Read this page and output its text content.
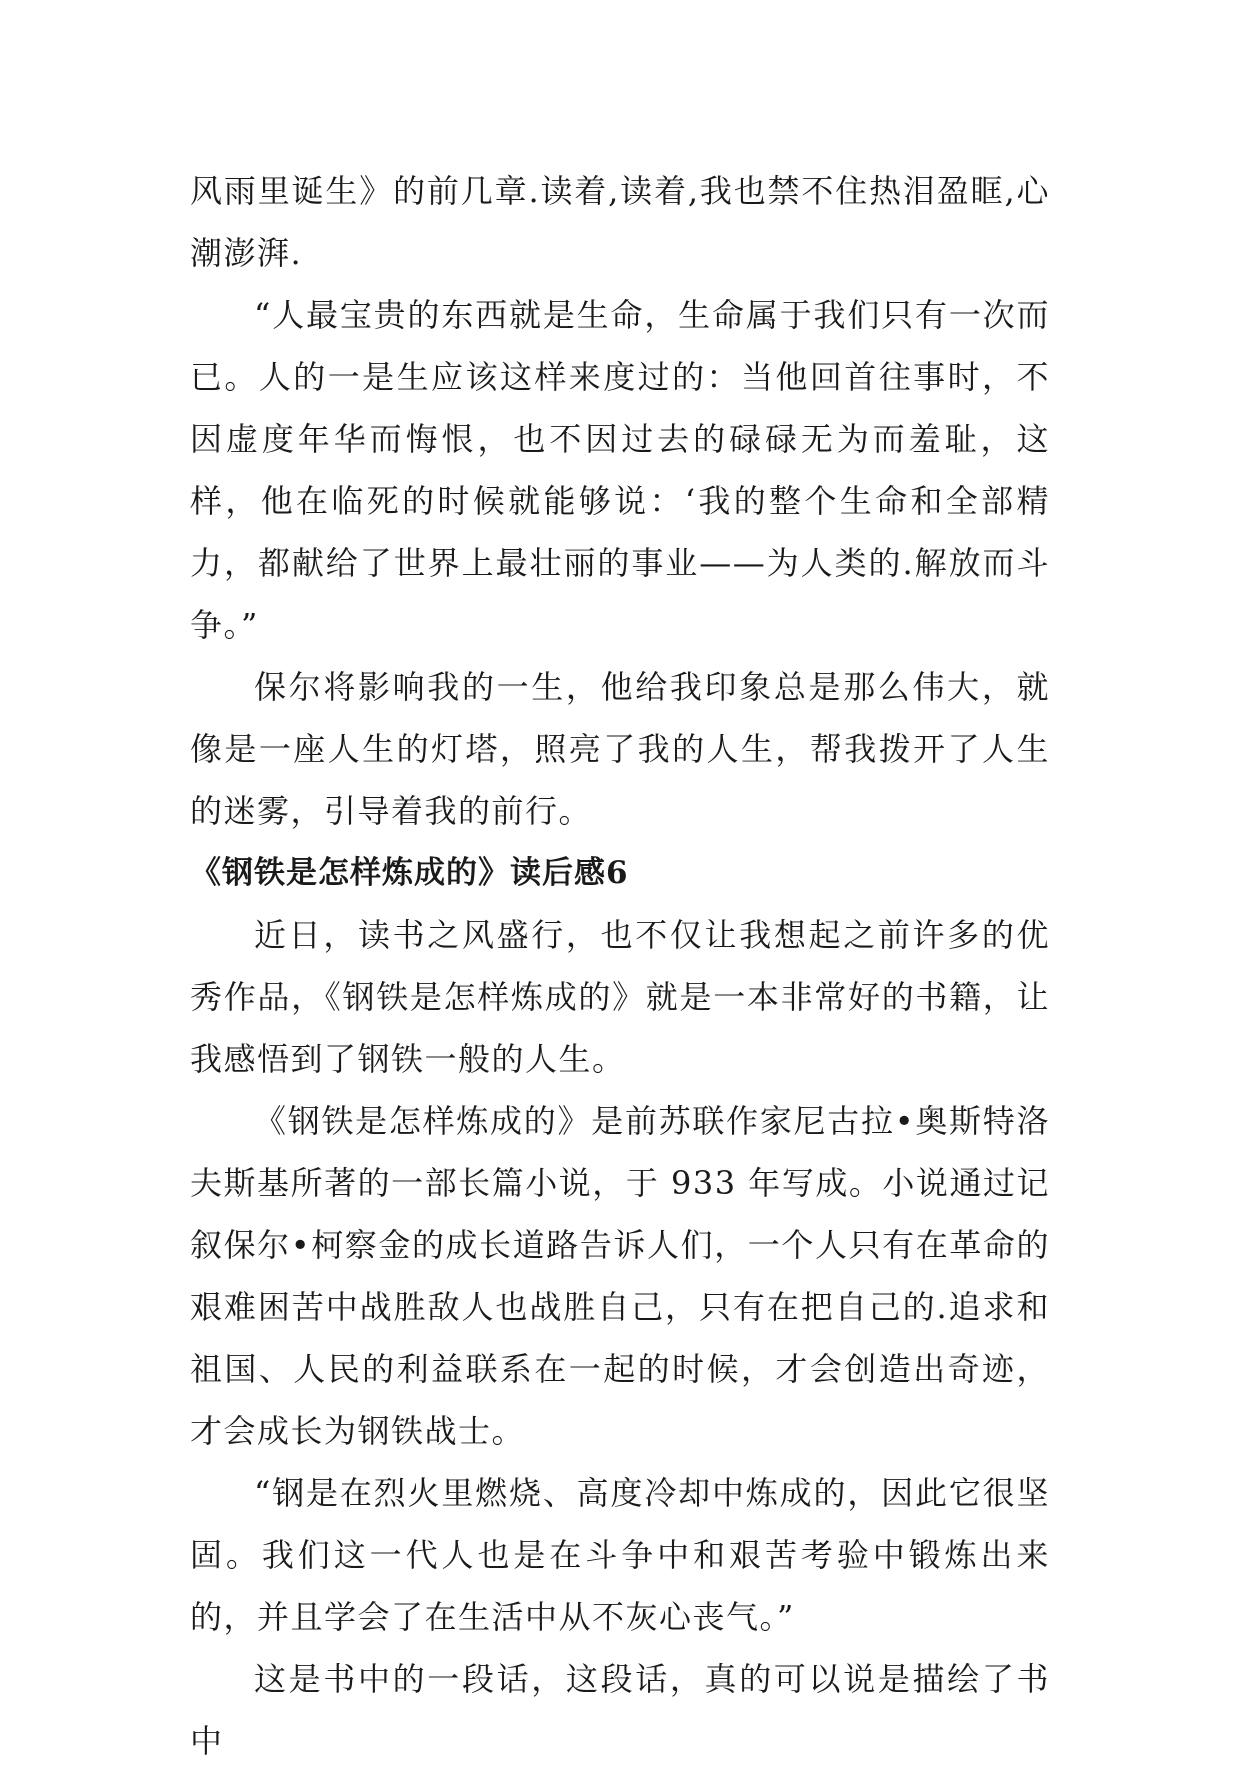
风雨里诞生》的前几章.读着,读着,我也禁不住热泪盈眶,心潮澎湃.

“人最宝贵的东西就是生命，生命属于我们只有一次而已。人的一是生应该这样来度过的：当他回首往事时，不因虚度年华而悔恨，也不因过去的碌碌无为而羞耻，这样，他在临死的时候就能够说：‘我的整个生命和全部精力，都献给了世界上最壮丽的事业——为人类的.解放而斗争。”

保尔将影响我的一生，他给我印象总是那么伟大，就像是一座人生的灯塔，照亮了我的人生，帮我拨开了人生的迷雾，引导着我的前行。

《钢铁是怎样炼成的》读后感6

近日，读书之风盛行，也不仅让我想起之前许多的优秀作品，《钢铁是怎样炼成的》就是一本非常好的书籍，让我感悟到了钢铁一般的人生。

《钢铁是怎样炼成的》是前苏联作家尼古拉•奥斯特洛夫斯基所著的一部长篇小说，于 933 年写成。小说通过记叙保尔•柯察金的成长道路告诉人们，一个人只有在革命的艰难困苦中战胜敌人也战胜自己，只有在把自己的.追求和祖国、人民的利益联系在一起的时候，才会创造出奇迹，才会成长为钢铁战士。

“钢是在烈火里燃烧、高度冷却中炼成的，因此它很坚固。我们这一代人也是在斗争中和艰苦考验中锻炼出来的，并且学会了在生活中从不灰心丧气。”

这是书中的一段话，这段话，真的可以说是描绘了书中
